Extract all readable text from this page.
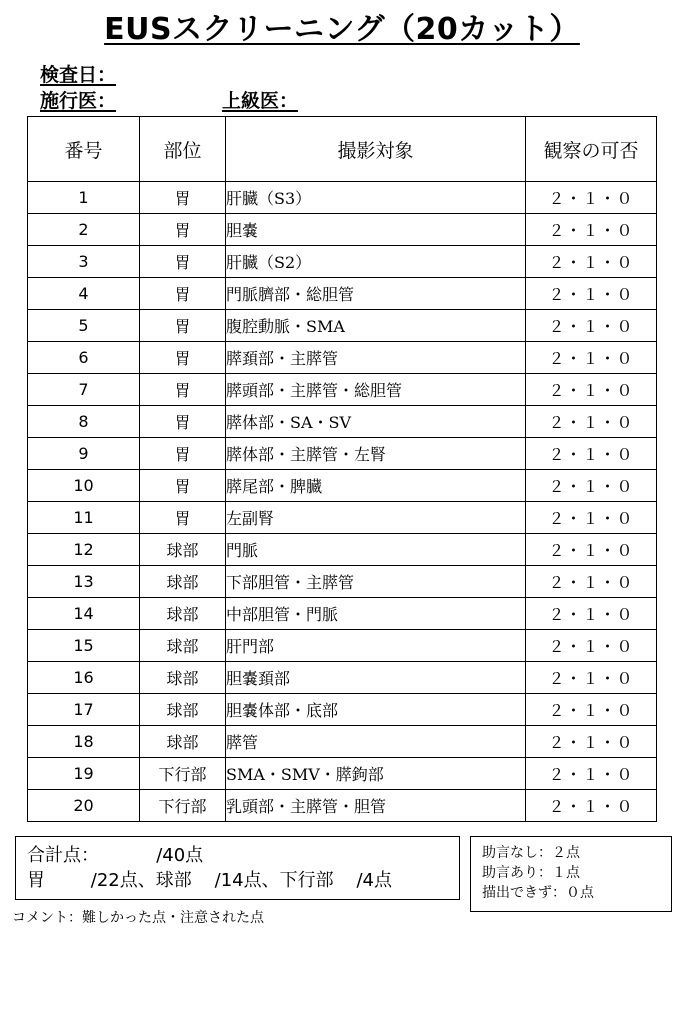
EUSスクリーニング（20カット）
検査日：
施行医：	上級医：
番号	部位	撮影対象	観察の可否
1	胃	肝臓（S3）	２・１・０
2	胃	胆嚢	２・１・０
3	胃	肝臓（S2）	２・１・０
4	胃	門脈臍部・総胆管	２・１・０
5	胃	腹腔動脈・SMA	２・１・０
6	胃	膵頚部・主膵管	２・１・０
7	胃	膵頭部・主膵管・総胆管	２・１・０
8	胃	膵体部・SA・SV	２・１・０
9	胃	膵体部・主膵管・左腎	２・１・０
10	胃	膵尾部・脾臓	２・１・０
11	胃	左副腎	２・１・０
12	球部	門脈	２・１・０
13	球部	下部胆管・主膵管	２・１・０
14	球部	中部胆管・門脈	２・１・０
15	球部	肝門部	２・１・０
16	球部	胆嚢頚部	２・１・０
17	球部	胆嚢体部・底部	２・１・０
18	球部	膵管	２・１・０
19	下行部	SMA・SMV・膵鉤部	２・１・０
20	下行部	乳頭部・主膵管・胆管	２・１・０
合計点：          /40点
胃        /22点、球部    /14点、下行部    /4点
助言なし：２点
助言あり：１点
描出できず：０点
コメント：難しかった点・注意された点
